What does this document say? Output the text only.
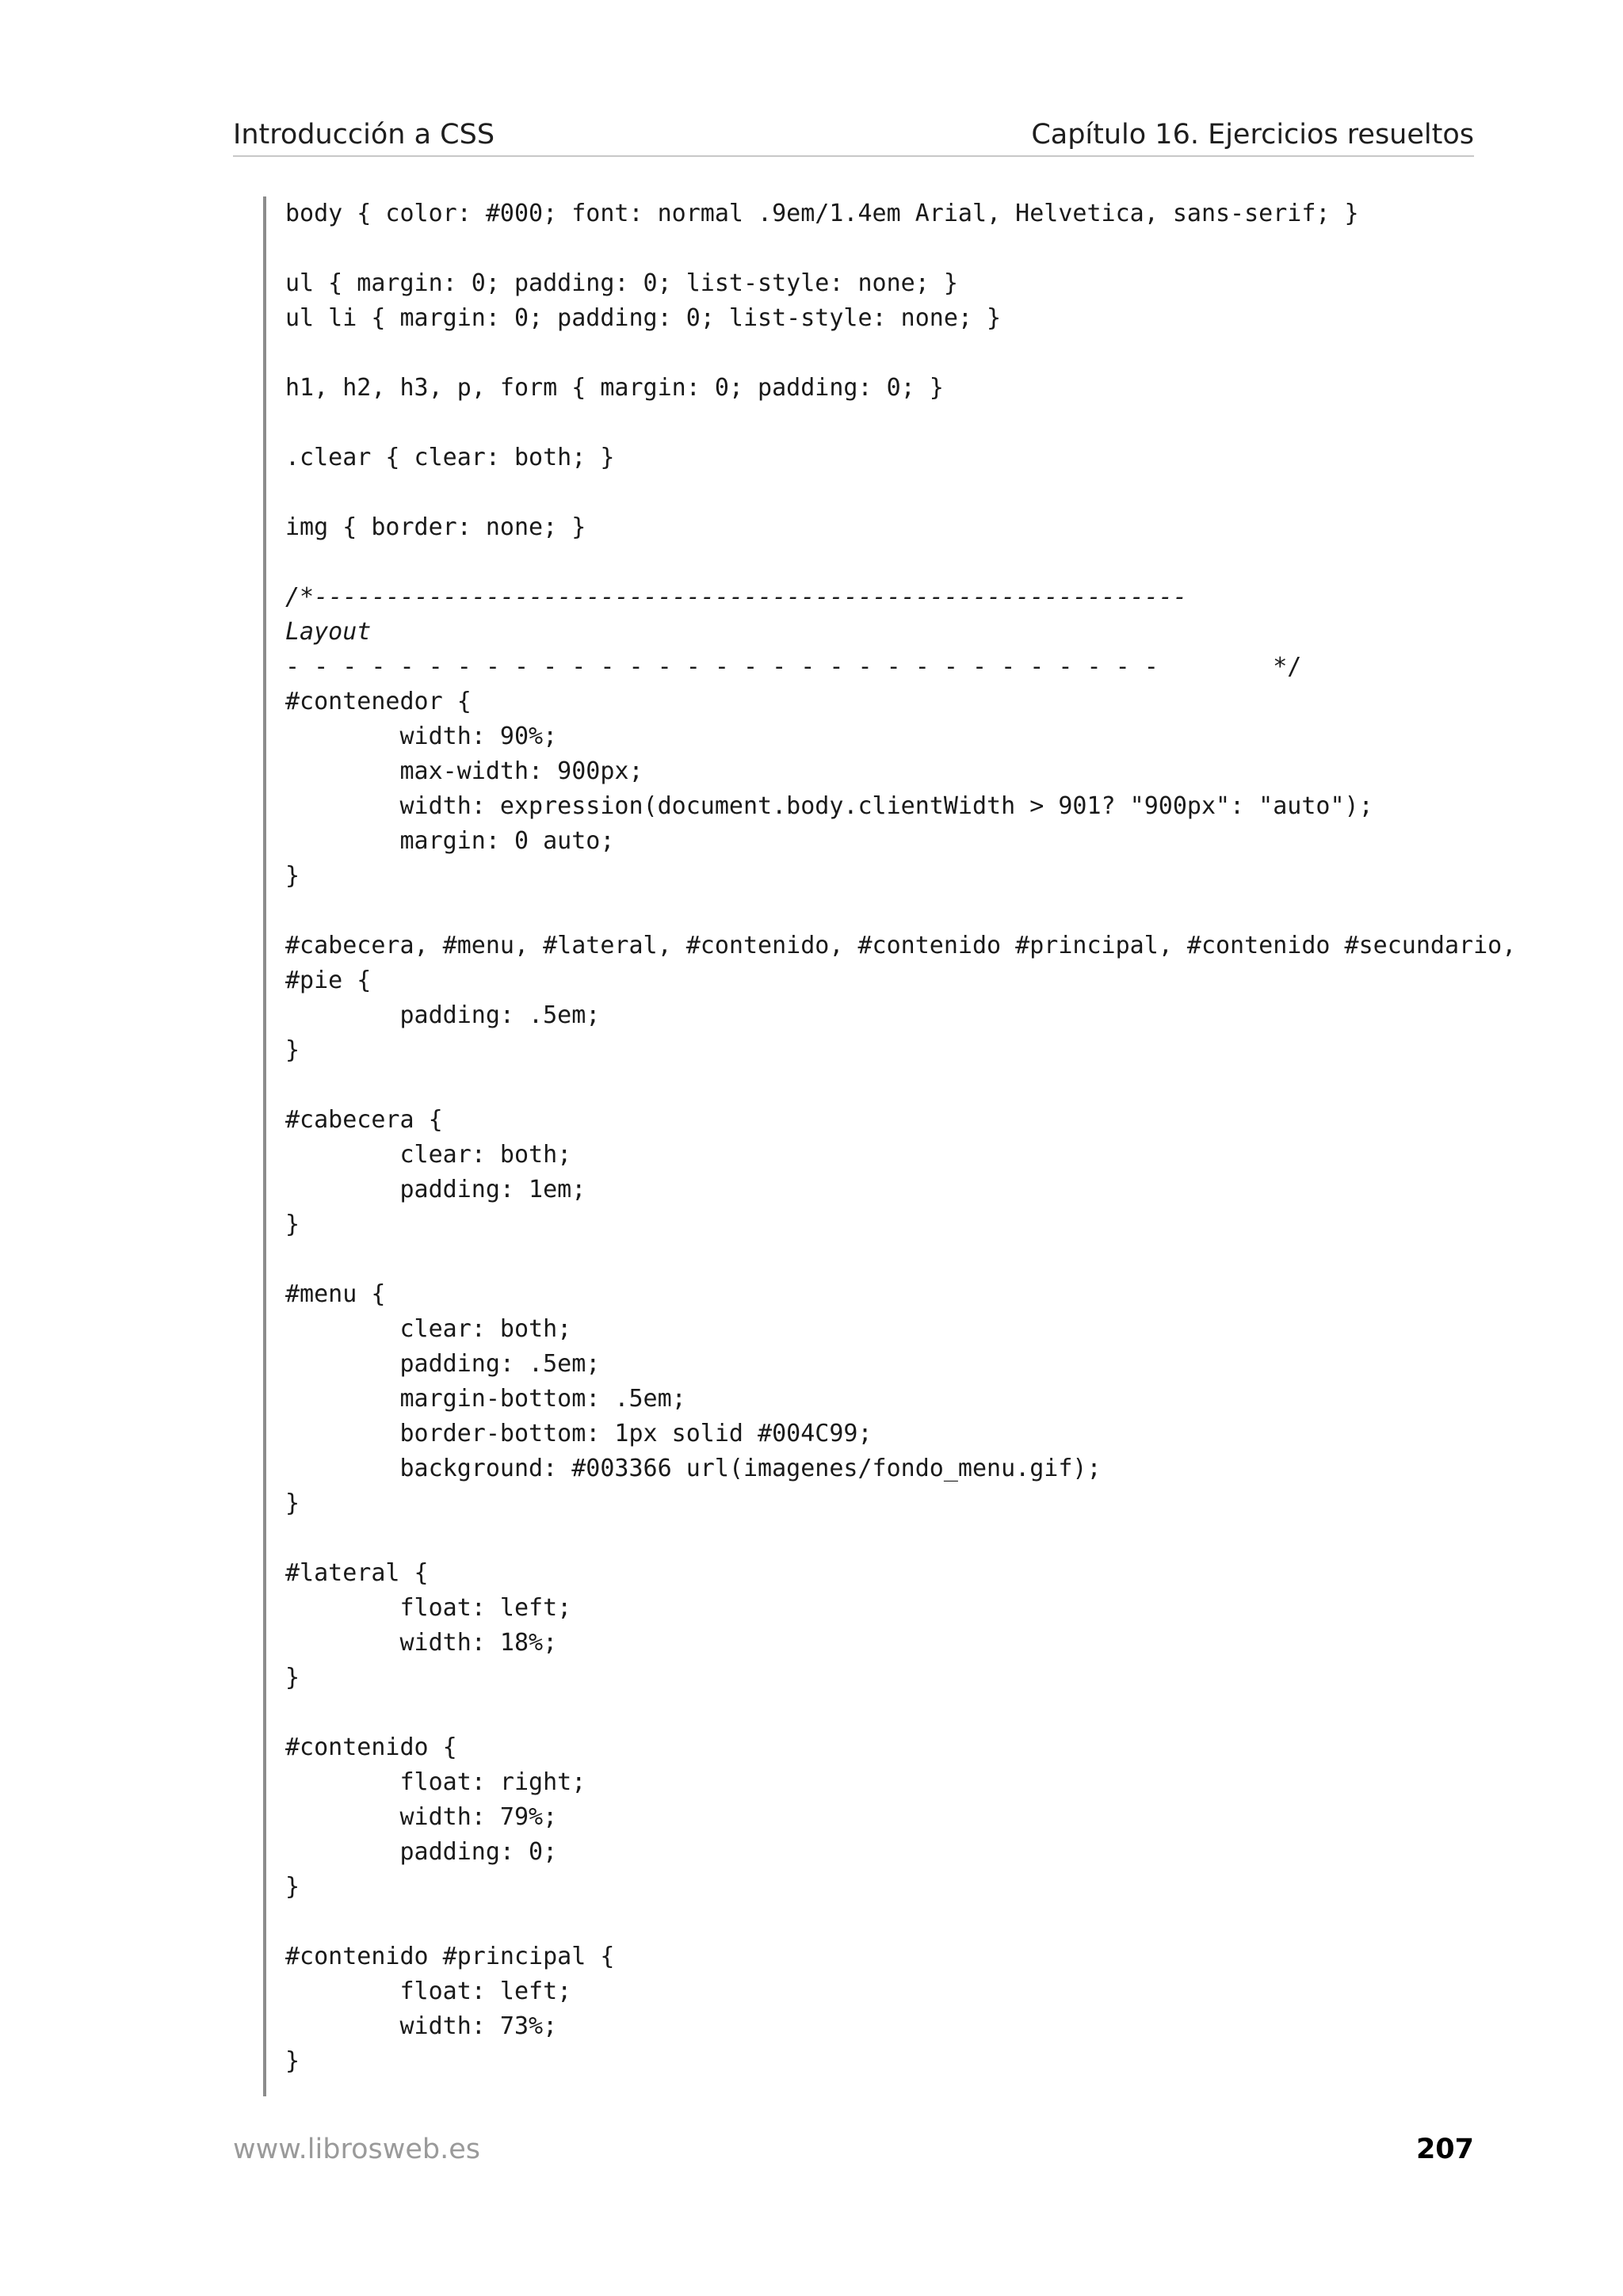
Introducción a CSS	Capítulo 16. Ejercicios resueltos
body { color: #000; font: normal .9em/1.4em Arial, Helvetica, sans-serif; }
ul { margin: 0; padding: 0; list-style: none; }
ul li { margin: 0; padding: 0; list-style: none; }
h1, h2, h3, p, form { margin: 0; padding: 0; }
.clear { clear: both; }
img { border: none; }
/*-------------------------------------------------------------
Layout
- - - - - - - - - - - - - - - - - - - - - - - - - - - - - - -        */
#contenedor {
width: 90%;
max-width: 900px;
width: expression(document.body.clientWidth > 901? "900px": "auto");
margin: 0 auto;
}
#cabecera, #menu, #lateral, #contenido, #contenido #principal, #contenido #secundario,
#pie {
padding: .5em;
}
#cabecera {
clear: both;
padding: 1em;
}
#menu {
clear: both;
padding: .5em;
margin-bottom: .5em;
border-bottom: 1px solid #004C99;
background: #003366 url(imagenes/fondo_menu.gif);
}
#lateral {
float: left;
width: 18%;
}
#contenido {
float: right;
width: 79%;
padding: 0;
}
#contenido #principal {
float: left;
width: 73%;
}
www.librosweb.es	207
